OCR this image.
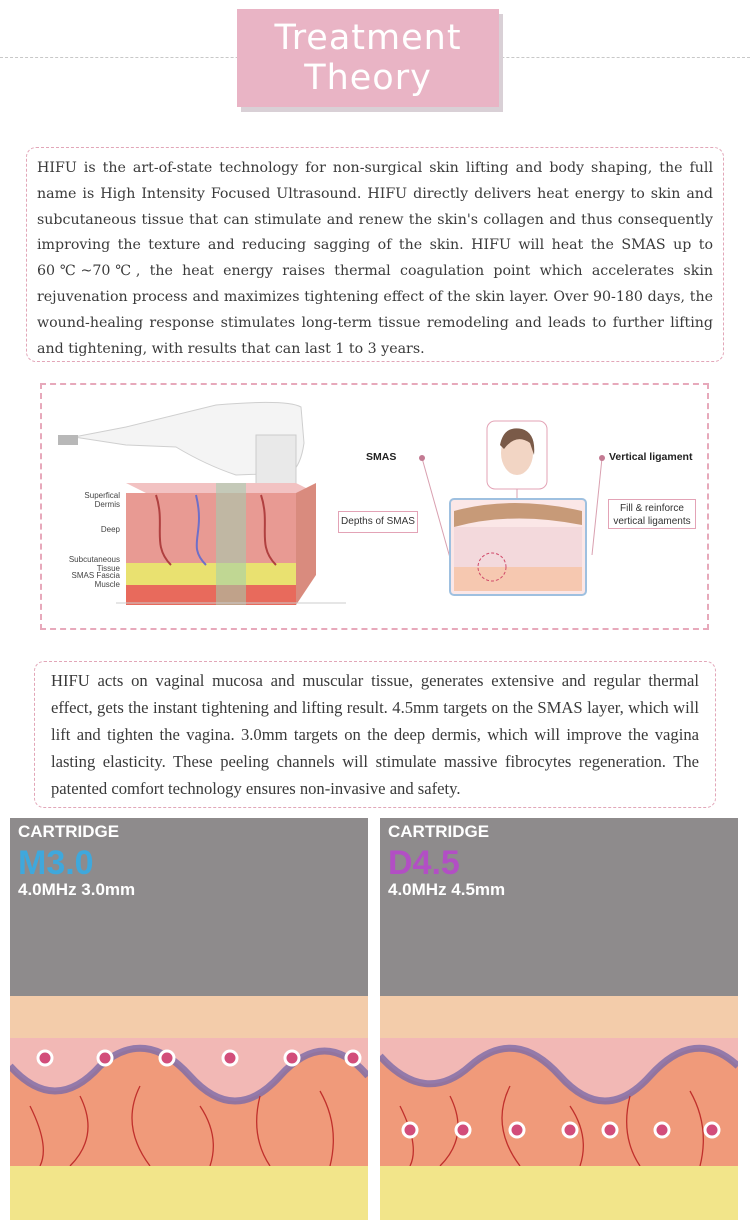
Treatment
Theory
HIFU is the art-of-state technology for non-surgical skin lifting and body shaping, the full name is High Intensity Focused Ultrasound. HIFU directly delivers heat energy to skin and subcutaneous tissue that can stimulate and renew the skin's collagen and thus consequently improving the texture and reducing sagging of the skin. HIFU will heat the SMAS up to 60℃~70℃, the heat energy raises thermal coagulation point which accelerates skin rejuvenation process and maximizes tightening effect of the skin layer. Over 90-180 days, the wound-healing response stimulates long-term tissue remodeling and leads to further lifting and tightening, with results that can last 1 to 3 years.
Superfical
Dermis
Deep
Subcutaneous
Tissue
SMAS Fascia
Muscle
SMAS	Vertical ligament
Depths of SMAS
Fill & reinforce
vertical ligaments
HIFU acts on vaginal mucosa and muscular tissue, generates extensive and regular thermal effect, gets the instant tightening and lifting result. 4.5mm targets on the SMAS layer, which will lift and tighten the vagina. 3.0mm targets on the deep dermis, which will improve the vagina lasting elasticity. These peeling channels will stimulate massive fibrocytes regeneration. The patented comfort technology ensures non-invasive and safety.
CARTRIDGE
M3.0
4.0MHz 3.0mm
CARTRIDGE
D4.5
4.0MHz 4.5mm
